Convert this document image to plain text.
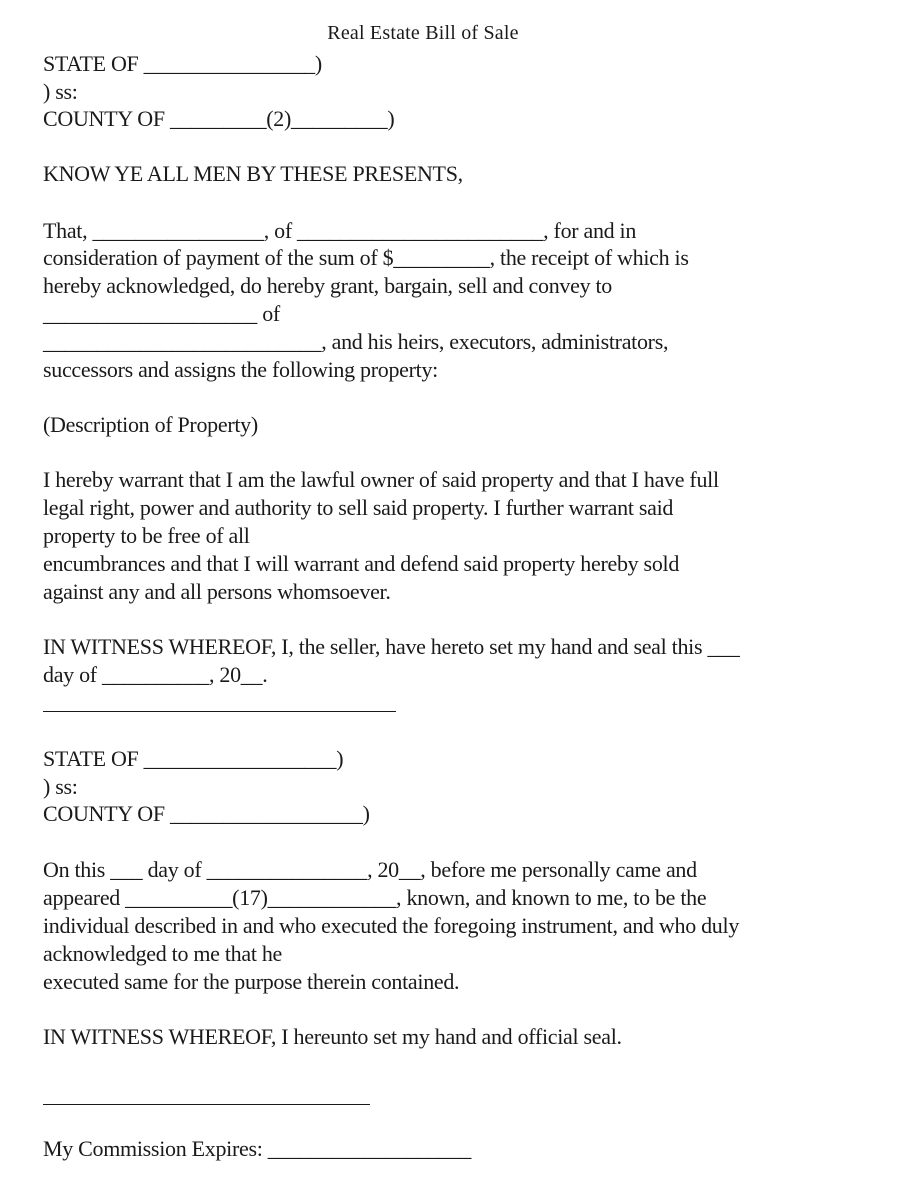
Real Estate Bill of Sale
STATE OF ________________)
) ss:
COUNTY OF _________(2)_________)
KNOW YE ALL MEN BY THESE PRESENTS,
That, ________________, of _______________________, for and in
consideration of payment of the sum of $_________, the receipt of which is
hereby acknowledged, do hereby grant, bargain, sell and convey to
____________________ of
__________________________, and his heirs, executors, administrators,
successors and assigns the following property:
(Description of Property)
I hereby warrant that I am the lawful owner of said property and that I have full
legal right, power and authority to sell said property. I further warrant said
property to be free of all
encumbrances and that I will warrant and defend said property hereby sold
against any and all persons whomsoever.
IN WITNESS WHEREOF, I, the seller, have hereto set my hand and seal this ___
day of __________, 20__.
STATE OF __________________)
) ss:
COUNTY OF __________________)
On this ___ day of _______________, 20__, before me personally came and
appeared __________(17)____________, known, and known to me, to be the
individual described in and who executed the foregoing instrument, and who duly
acknowledged to me that he
executed same for the purpose therein contained.
IN WITNESS WHEREOF, I hereunto set my hand and official seal.
My Commission Expires: ___________________
